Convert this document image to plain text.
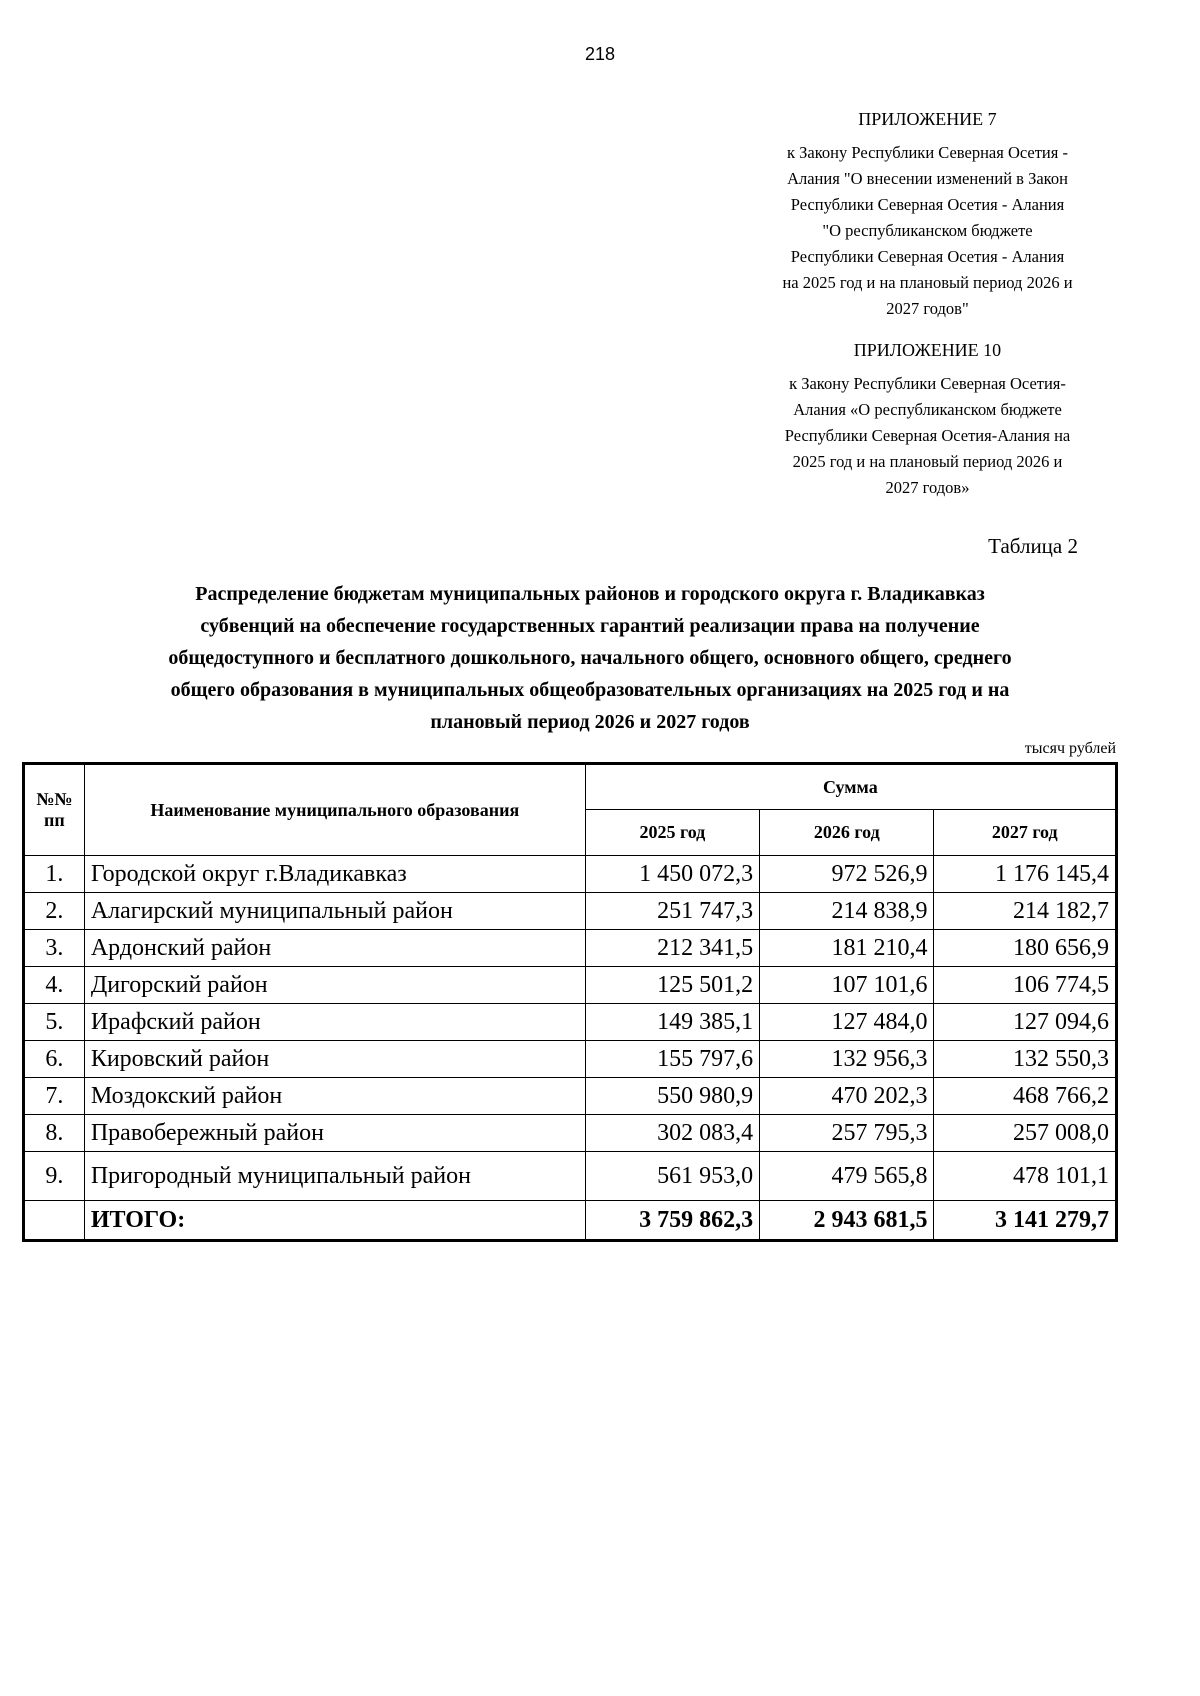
218
ПРИЛОЖЕНИЕ 7
к Закону Республики Северная Осетия -
Алания "О внесении изменений в Закон
Республики Северная Осетия - Алания
"О республиканском бюджете
Республики Северная Осетия - Алания
на 2025 год и на плановый период 2026 и
2027 годов"
ПРИЛОЖЕНИЕ 10
к Закону Республики Северная Осетия-
Алания «О республиканском бюджете
Республики Северная Осетия-Алания на
2025 год и на плановый период 2026 и
2027 годов»
Таблица 2
Распределение бюджетам муниципальных районов и городского округа г. Владикавказ
субвенций на обеспечение государственных гарантий реализации права на получение
общедоступного и бесплатного дошкольного, начального общего, основного общего, среднего
общего образования в муниципальных общеобразовательных организациях на 2025 год и на
плановый период 2026 и 2027 годов
тысяч рублей
№№ пп	Наименование муниципального образования	Сумма		
		2025 год	2026 год	2027 год
1.	Городской округ г.Владикавказ	1 450 072,3	972 526,9	1 176 145,4
2.	Алагирский муниципальный район	251 747,3	214 838,9	214 182,7
3.	Ардонский район	212 341,5	181 210,4	180 656,9
4.	Дигорский район	125 501,2	107 101,6	106 774,5
5.	Ирафский район	149 385,1	127 484,0	127 094,6
6.	Кировский район	155 797,6	132 956,3	132 550,3
7.	Моздокский район	550 980,9	470 202,3	468 766,2
8.	Правобережный район	302 083,4	257 795,3	257 008,0
9.	Пригородный муниципальный район	561 953,0	479 565,8	478 101,1
	ИТОГО:	3 759 862,3	2 943 681,5	3 141 279,7
